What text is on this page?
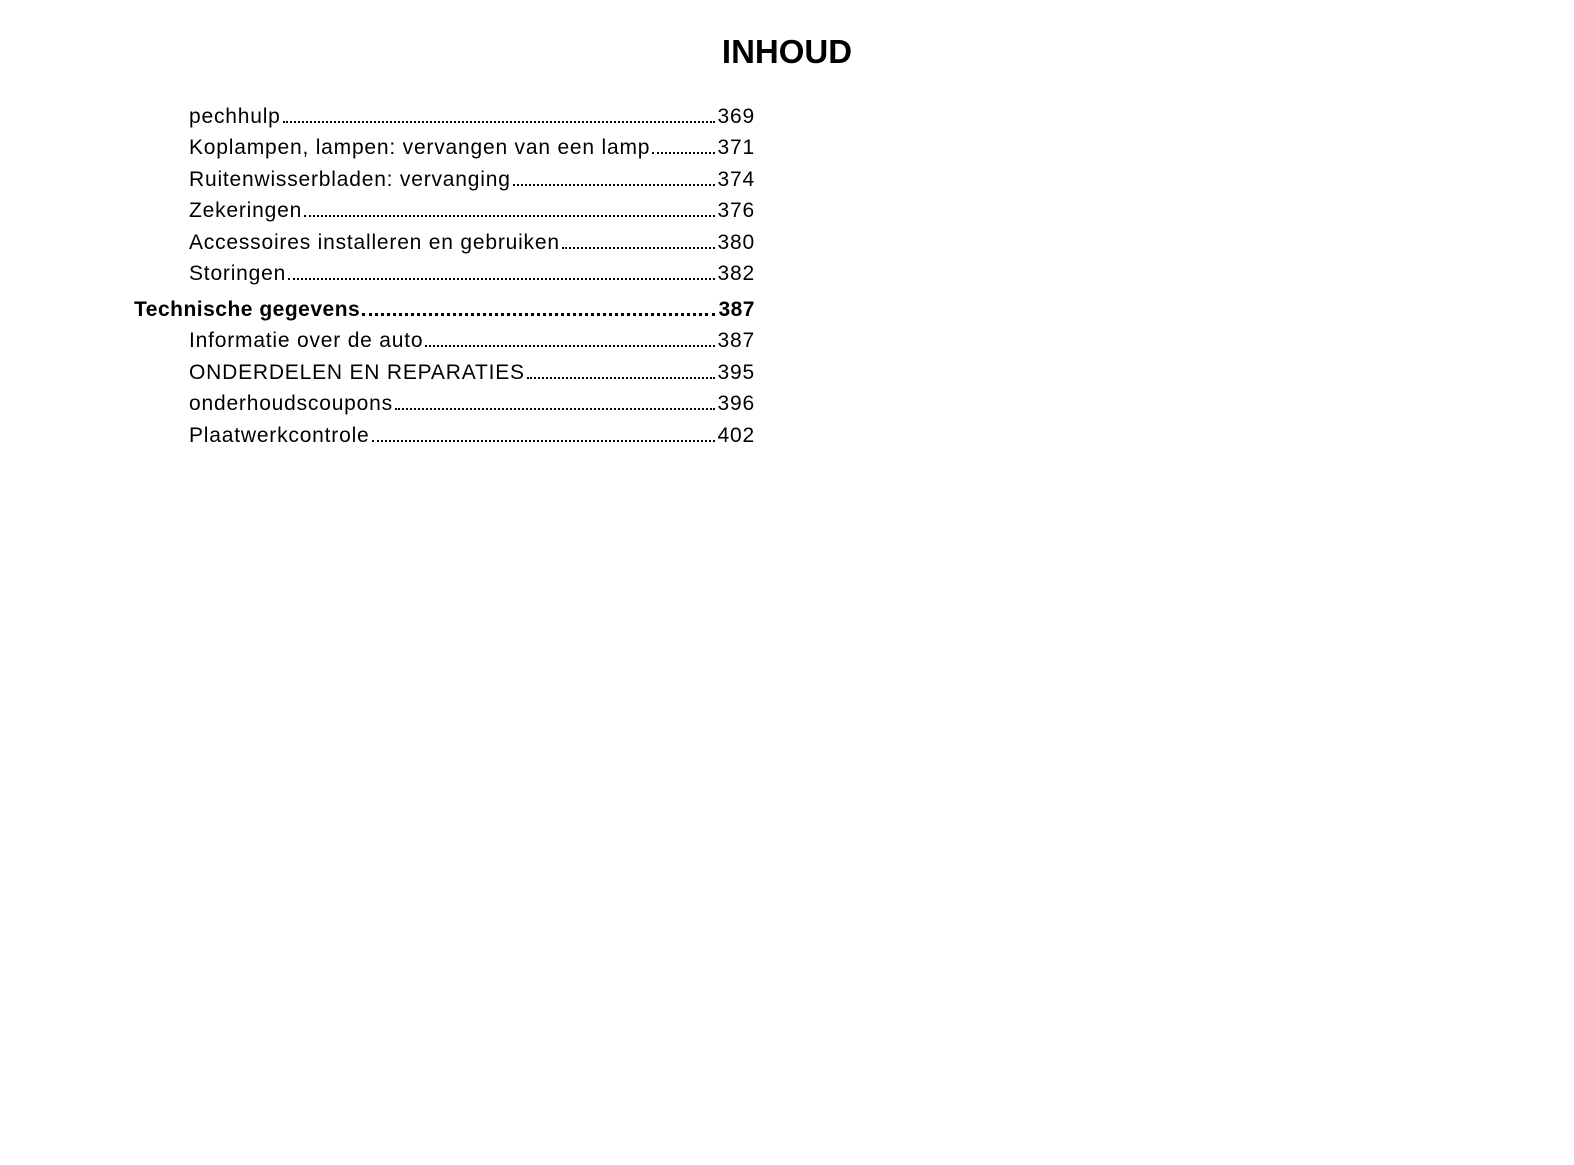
INHOUD
pechhulp	369
Koplampen, lampen: vervangen van een lamp	371
Ruitenwisserbladen: vervanging	374
Zekeringen	376
Accessoires installeren en gebruiken	380
Storingen	382
Technische gegevens	387
Informatie over de auto	387
ONDERDELEN EN REPARATIES	395
onderhoudscoupons	396
Plaatwerkcontrole	402
